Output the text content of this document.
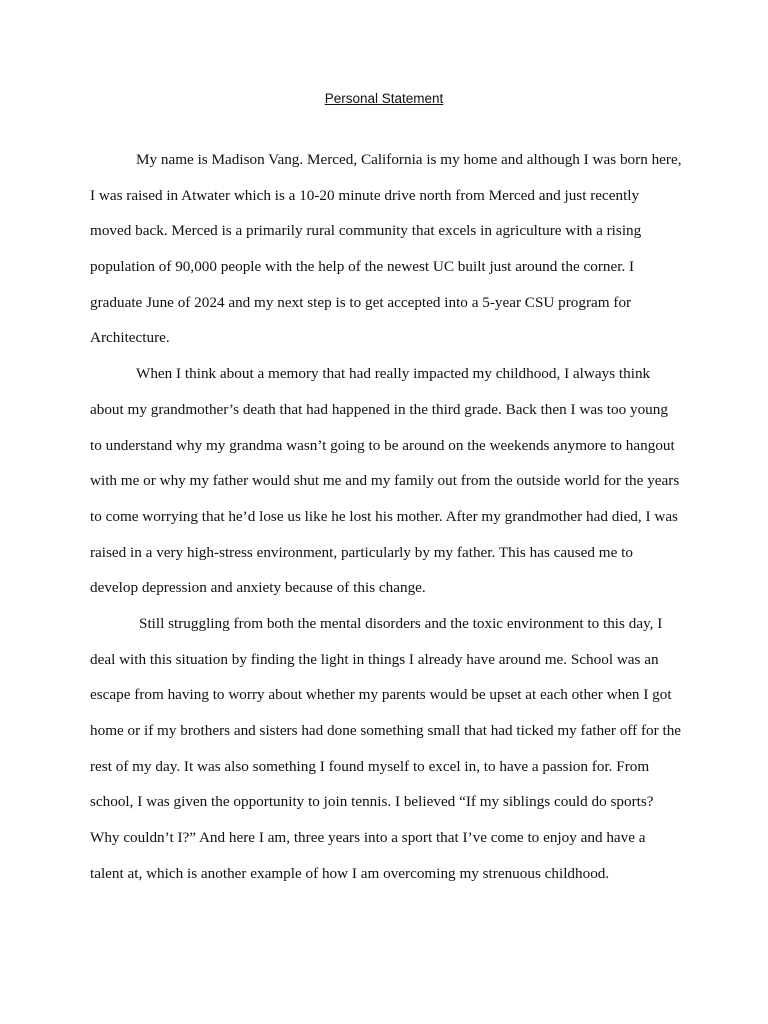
Personal Statement
My name is Madison Vang. Merced, California is my home and although I was born here,
I was raised in Atwater which is a 10-20 minute drive north from Merced and just recently
moved back. Merced is a primarily rural community that excels in agriculture with a rising
population of 90,000 people with the help of the newest UC built just around the corner. I
graduate June of 2024 and my next step is to get accepted into a 5-year CSU program for
Architecture.
When I think about a memory that had really impacted my childhood, I always think
about my grandmother’s death that had happened in the third grade. Back then I was too young
to understand why my grandma wasn’t going to be around on the weekends anymore to hangout
with me or why my father would shut me and my family out from the outside world for the years
to come worrying that he’d lose us like he lost his mother. After my grandmother had died, I was
raised in a very high-stress environment, particularly by my father. This has caused me to
develop depression and anxiety because of this change.
Still struggling from both the mental disorders and the toxic environment to this day, I
deal with this situation by finding the light in things I already have around me. School was an
escape from having to worry about whether my parents would be upset at each other when I got
home or if my brothers and sisters had done something small that had ticked my father off for the
rest of my day. It was also something I found myself to excel in, to have a passion for. From
school, I was given the opportunity to join tennis. I believed “If my siblings could do sports?
Why couldn’t I?” And here I am, three years into a sport that I’ve come to enjoy and have a
talent at, which is another example of how I am overcoming my strenuous childhood.
